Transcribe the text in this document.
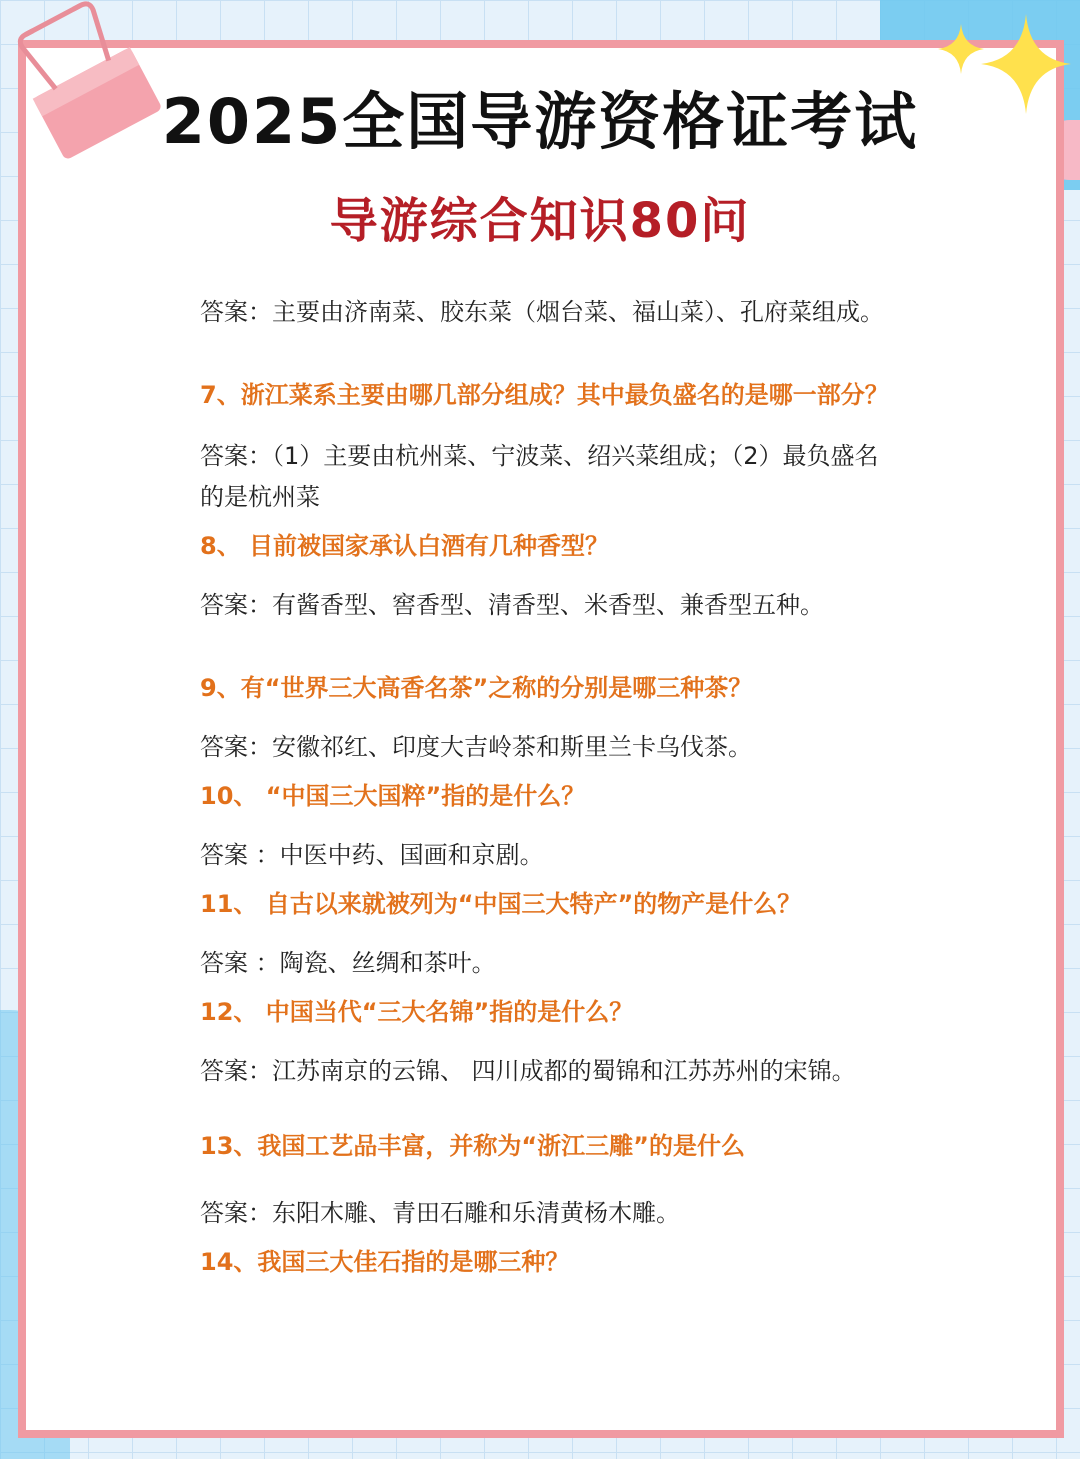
2025全国导游资格证考试
导游综合知识80问

答案：主要由济南菜、胶东菜（烟台菜、福山菜）、孔府菜组成。

7、浙江菜系主要由哪几部分组成？其中最负盛名的是哪一部分？

答案：（1）主要由杭州菜、宁波菜、绍兴菜组成；（2）最负盛名的是杭州菜

8、 目前被国家承认白酒有几种香型？

答案：有酱香型、窖香型、清香型、米香型、兼香型五种。

9、有“世界三大高香名茶”之称的分别是哪三种茶？

答案：安徽祁红、印度大吉岭茶和斯里兰卡乌伐茶。

10、 “中国三大国粹”指的是什么？

答案 ：中医中药、国画和京剧。

11、 自古以来就被列为“中国三大特产”的物产是什么？

答案 ：陶瓷、丝绸和茶叶。

12、 中国当代“三大名锦”指的是什么？

答案：江苏南京的云锦、 四川成都的蜀锦和江苏苏州的宋锦。

13、我国工艺品丰富，并称为“浙江三雕”的是什么

答案：东阳木雕、青田石雕和乐清黄杨木雕。

14、我国三大佳石指的是哪三种？
